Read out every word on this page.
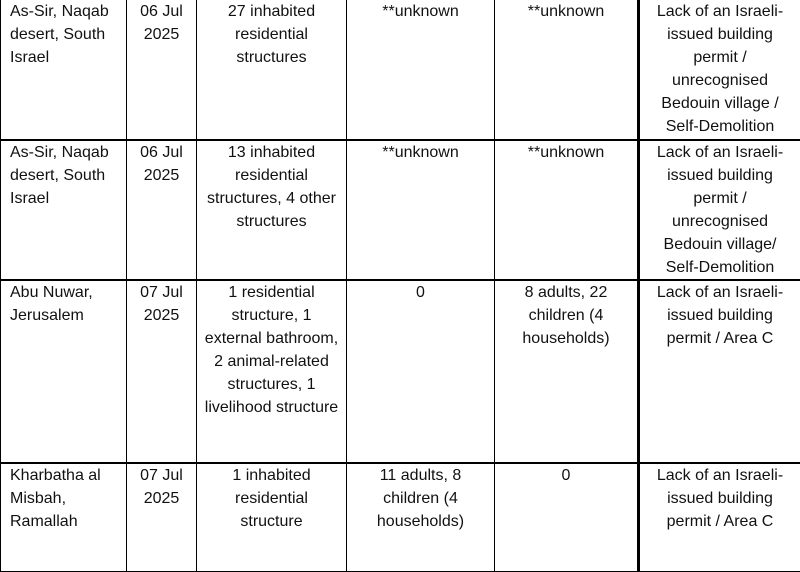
As-Sir, Naqab desert, South Israel	06 Jul 2025	27 inhabited residential structures	**unknown	**unknown	Lack of an Israeli-issued building permit / unrecognised Bedouin village / Self-Demolition

As-Sir, Naqab desert, South Israel	06 Jul 2025	13 inhabited residential structures, 4 other structures	**unknown	**unknown	Lack of an Israeli-issued building permit / unrecognised Bedouin village/ Self-Demolition

Abu Nuwar, Jerusalem	07 Jul 2025	1 residential structure, 1 external bathroom, 2 animal-related structures, 1 livelihood structure	0	8 adults, 22 children (4 households)	Lack of an Israeli-issued building permit / Area C

Kharbatha al Misbah, Ramallah	07 Jul 2025	1 inhabited residential structure	11 adults, 8 children (4 households)	0	Lack of an Israeli-issued building permit / Area C
